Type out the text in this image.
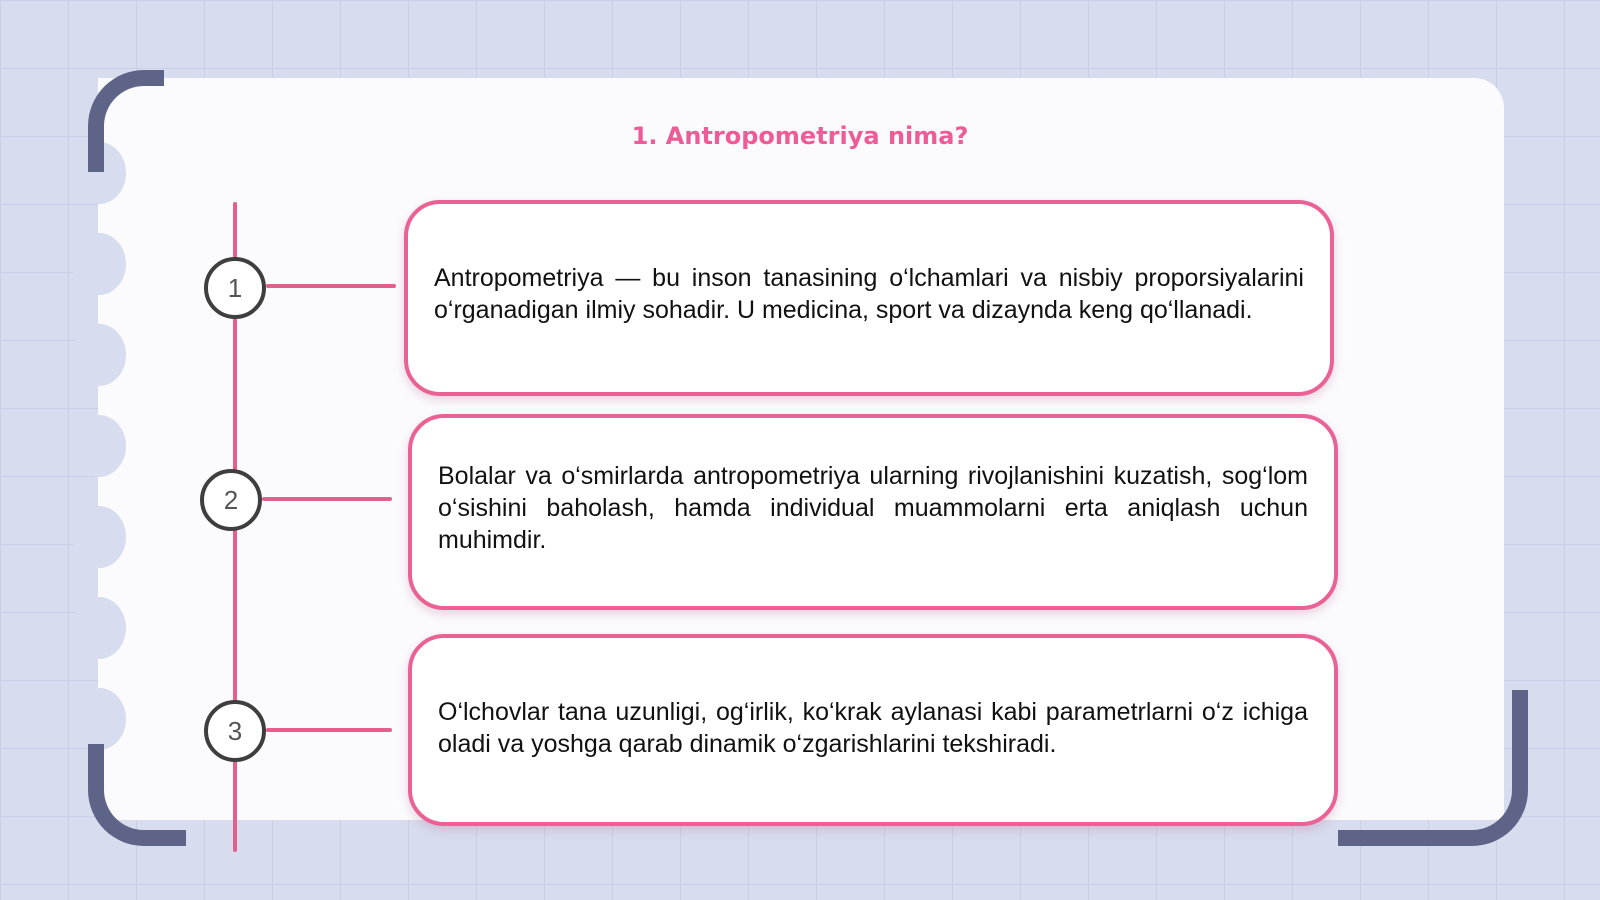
1. Antropometriya nima?
1
2
3
Antropometriya — bu inson tanasining o‘lchamlari va nisbiy proporsiyalarini o‘rganadigan ilmiy sohadir. U medicina, sport va dizaynda keng qo‘llanadi.
Bolalar va o‘smirlarda antropometriya ularning rivojlanishini kuzatish, sog‘lom o‘sishini baholash, hamda individual muammolarni erta aniqlash uchun muhimdir.
O‘lchovlar tana uzunligi, og‘irlik, ko‘krak aylanasi kabi parametrlarni o‘z ichiga oladi va yoshga qarab dinamik o‘zgarishlarini tekshiradi.
